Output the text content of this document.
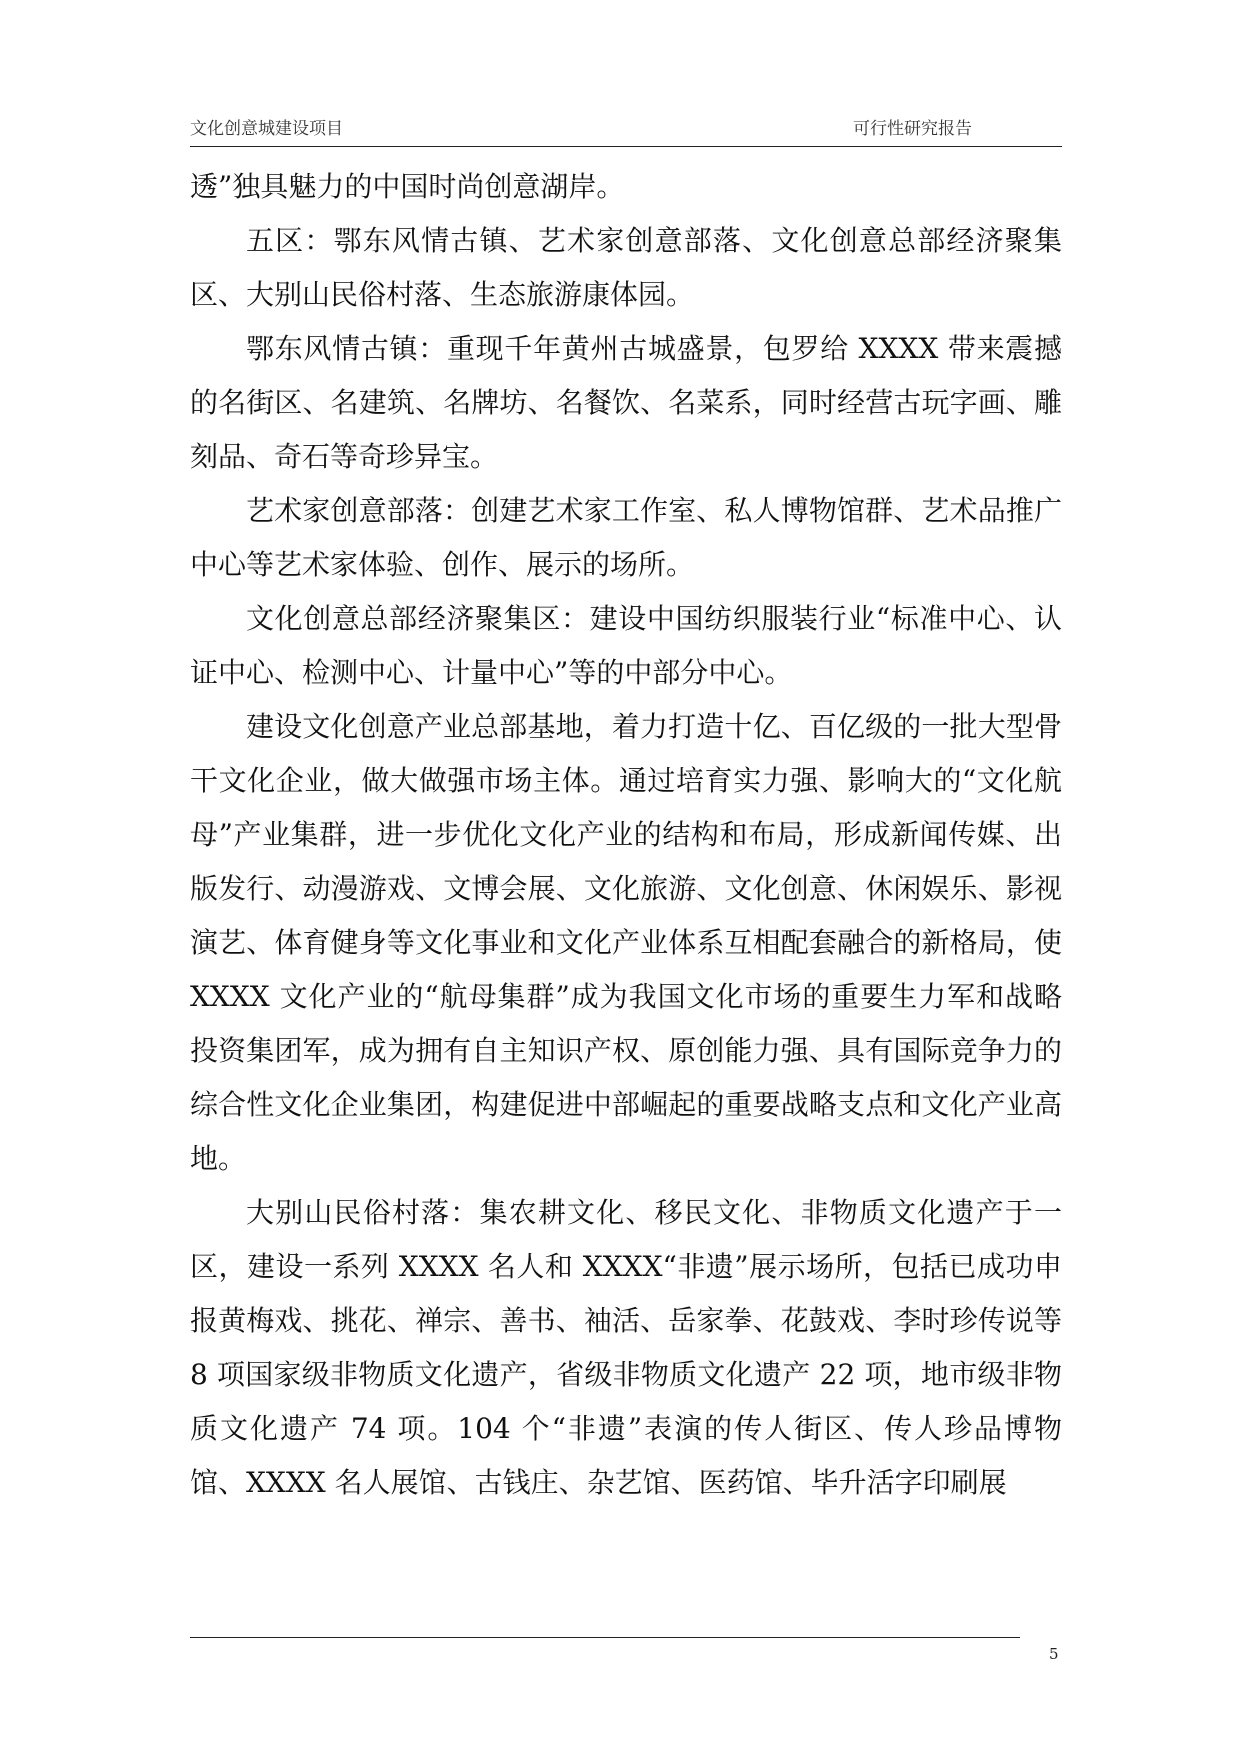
文化创意城建设项目	可行性研究报告

透”独具魅力的中国时尚创意湖岸。

五区：鄂东风情古镇、艺术家创意部落、文化创意总部经济聚集区、大别山民俗村落、生态旅游康体园。

鄂东风情古镇：重现千年黄州古城盛景，包罗给 XXXX 带来震撼的名街区、名建筑、名牌坊、名餐饮、名菜系，同时经营古玩字画、雕刻品、奇石等奇珍异宝。

艺术家创意部落：创建艺术家工作室、私人博物馆群、艺术品推广中心等艺术家体验、创作、展示的场所。

文化创意总部经济聚集区：建设中国纺织服装行业“标准中心、认证中心、检测中心、计量中心”等的中部分中心。

建设文化创意产业总部基地，着力打造十亿、百亿级的一批大型骨干文化企业，做大做强市场主体。通过培育实力强、影响大的“文化航母”产业集群，进一步优化文化产业的结构和布局，形成新闻传媒、出版发行、动漫游戏、文博会展、文化旅游、文化创意、休闲娱乐、影视演艺、体育健身等文化事业和文化产业体系互相配套融合的新格局，使 XXXX 文化产业的“航母集群”成为我国文化市场的重要生力军和战略投资集团军，成为拥有自主知识产权、原创能力强、具有国际竞争力的综合性文化企业集团，构建促进中部崛起的重要战略支点和文化产业高地。

大别山民俗村落：集农耕文化、移民文化、非物质文化遗产于一区，建设一系列 XXXX 名人和 XXXX“非遗”展示场所，包括已成功申报黄梅戏、挑花、禅宗、善书、袖活、岳家拳、花鼓戏、李时珍传说等 8 项国家级非物质文化遗产，省级非物质文化遗产 22 项，地市级非物质文化遗产 74 项。104 个“非遗”表演的传人街区、传人珍品博物馆、XXXX 名人展馆、古钱庄、杂艺馆、医药馆、毕升活字印刷展

5
